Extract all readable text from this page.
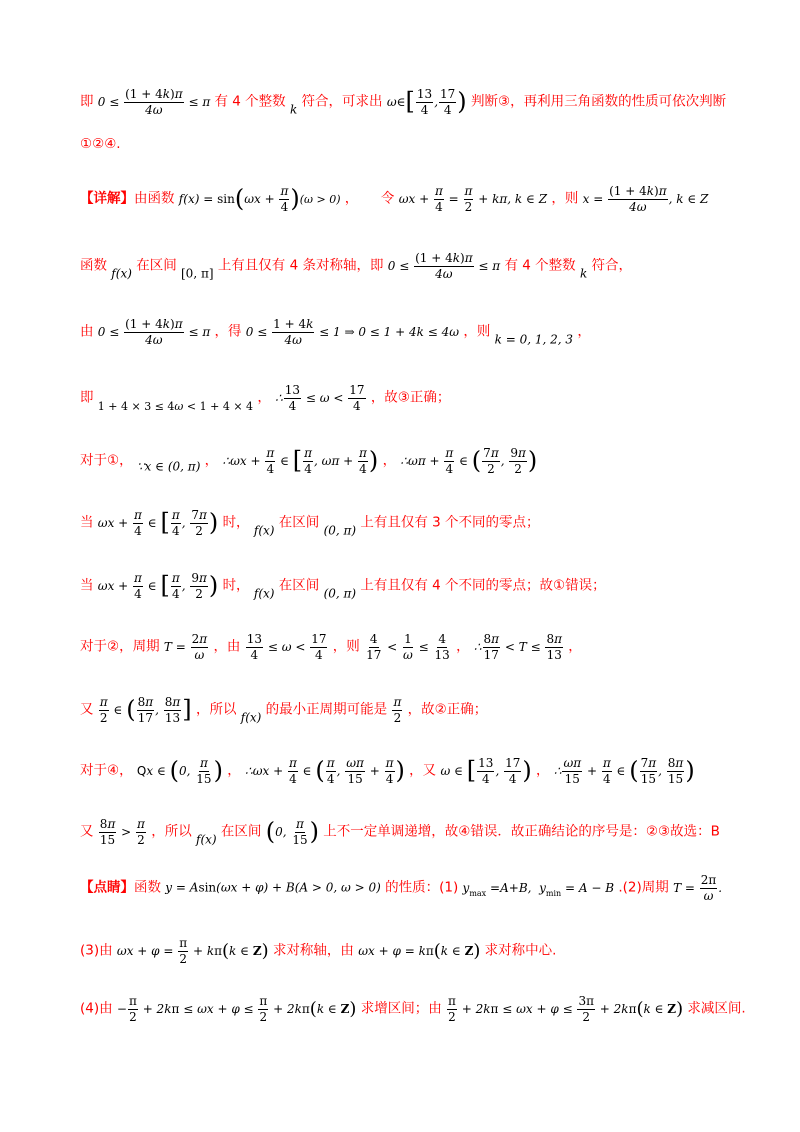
即 $0 \le \frac{(1 + 4k)\pi}{4\omega} \le \pi$ 有 4 个整数 k 符合，可求出 ω∈[ $\frac{13}{4}$ , $\frac{17}{4}$ ) 判断③，再利用三角函数的性质可依次判断
①②④.
【详解】由函数 $f(x) = \sin(\omega x + \frac{\pi}{4} )(\omega > 0)$ ， 令 $\omega x + \frac{\pi}{4} = \frac{\pi}{2} + k\pi$, k ∈ Z ，则 $x = \frac{(1 + 4k)\pi}{4\omega}$ , k ∈ Z
函数 f(x) 在区间 [0, π] 上有且仅有 4 条对称轴，即 $0 \le \frac{(1 + 4k)\pi}{4\omega} \le \pi$ 有 4 个整数 k 符合，
由 $0 \le \frac{(1 + 4k)\pi}{4\omega} \le \pi$ ，得 $0 \le \frac{1 + 4k}{4\omega} \le 1$ ⇒ 0 ≤ 1 + 4k ≤ 4ω ，则 k = 0, 1, 2, 3 ，
即 1 + 4 × 3 ≤ 4ω < 1 + 4 × 4 ， ∴ $\frac{13}{4} \le \omega < \frac{17}{4}$ ，故③正确；
对于①， ∵x ∈ (0, π) ， ∴ωx + $\frac{\pi}{4}$ ∈ [ $\frac{\pi}{4}$ , $\omega\pi + \frac{\pi}{4}$ ) ， ∴ωπ + $\frac{\pi}{4}$ ∈ ( $\frac{7\pi}{2}$ , $\frac{9\pi}{2}$ )
当 $\omega x + \frac{\pi}{4}$ ∈ [ $\frac{\pi}{4}$ , $\frac{7\pi}{2}$ ) 时， f(x) 在区间 (0, π) 上有且仅有 3 个不同的零点；
当 $\omega x + \frac{\pi}{4}$ ∈ [ $\frac{\pi}{4}$ , $\frac{9\pi}{2}$ ) 时， f(x) 在区间 (0, π) 上有且仅有 4 个不同的零点；故①错误；
对于②，周期 $T = \frac{2\pi}{\omega}$ ，由 $\frac{13}{4} \le \omega < \frac{17}{4}$ ，则 $\frac{4}{17} < \frac{1}{\omega} \le \frac{4}{13}$ ， ∴ $\frac{8\pi}{17} < T \le \frac{8\pi}{13}$ ，
又 $\frac{\pi}{2}$ ∈ ( $\frac{8\pi}{17}$ , $\frac{8\pi}{13}$ ] ，所以 f(x) 的最小正周期可能是 $\frac{\pi}{2}$ ，故②正确；
对于④， Qx ∈ (0, $\frac{\pi}{15}$ ) ， ∴ωx + $\frac{\pi}{4}$ ∈ ( $\frac{\pi}{4}$ , $\frac{\omega\pi}{15} + \frac{\pi}{4}$ ) ，又 ω ∈ [ $\frac{13}{4}$ , $\frac{17}{4}$ ) ， ∴ $\frac{\omega\pi}{15} + \frac{\pi}{4}$ ∈ ( $\frac{7\pi}{15}$ , $\frac{8\pi}{15}$ )
又 $\frac{8\pi}{15} > \frac{\pi}{2}$ ，所以 f(x) 在区间 (0, $\frac{\pi}{15}$ ) 上不一定单调递增，故④错误．故正确结论的序号是：②③故选：B
【点睛】函数 y = Asin(ωx + φ) + B(A > 0, ω > 0) 的性质：(1) $y_{max} =A+B$,  $y_{min} = A - B$ .(2)周期 $T = \frac{2\pi}{\omega}$ .
(3)由 $\omega x + \varphi = \frac{\pi}{2} + k\pi(k$ ∈ Z) 求对称轴，由 ωx + φ = kπ(k ∈ Z) 求对称中心.
(4)由 − $\frac{\pi}{2} + 2k\pi \le \omega x + \varphi \le \frac{\pi}{2} + 2k\pi(k$ ∈ Z) 求增区间；由 $\frac{\pi}{2} + 2k\pi \le \omega x + \varphi \le \frac{3\pi}{2} + 2k\pi(k$ ∈ Z) 求减区间.
